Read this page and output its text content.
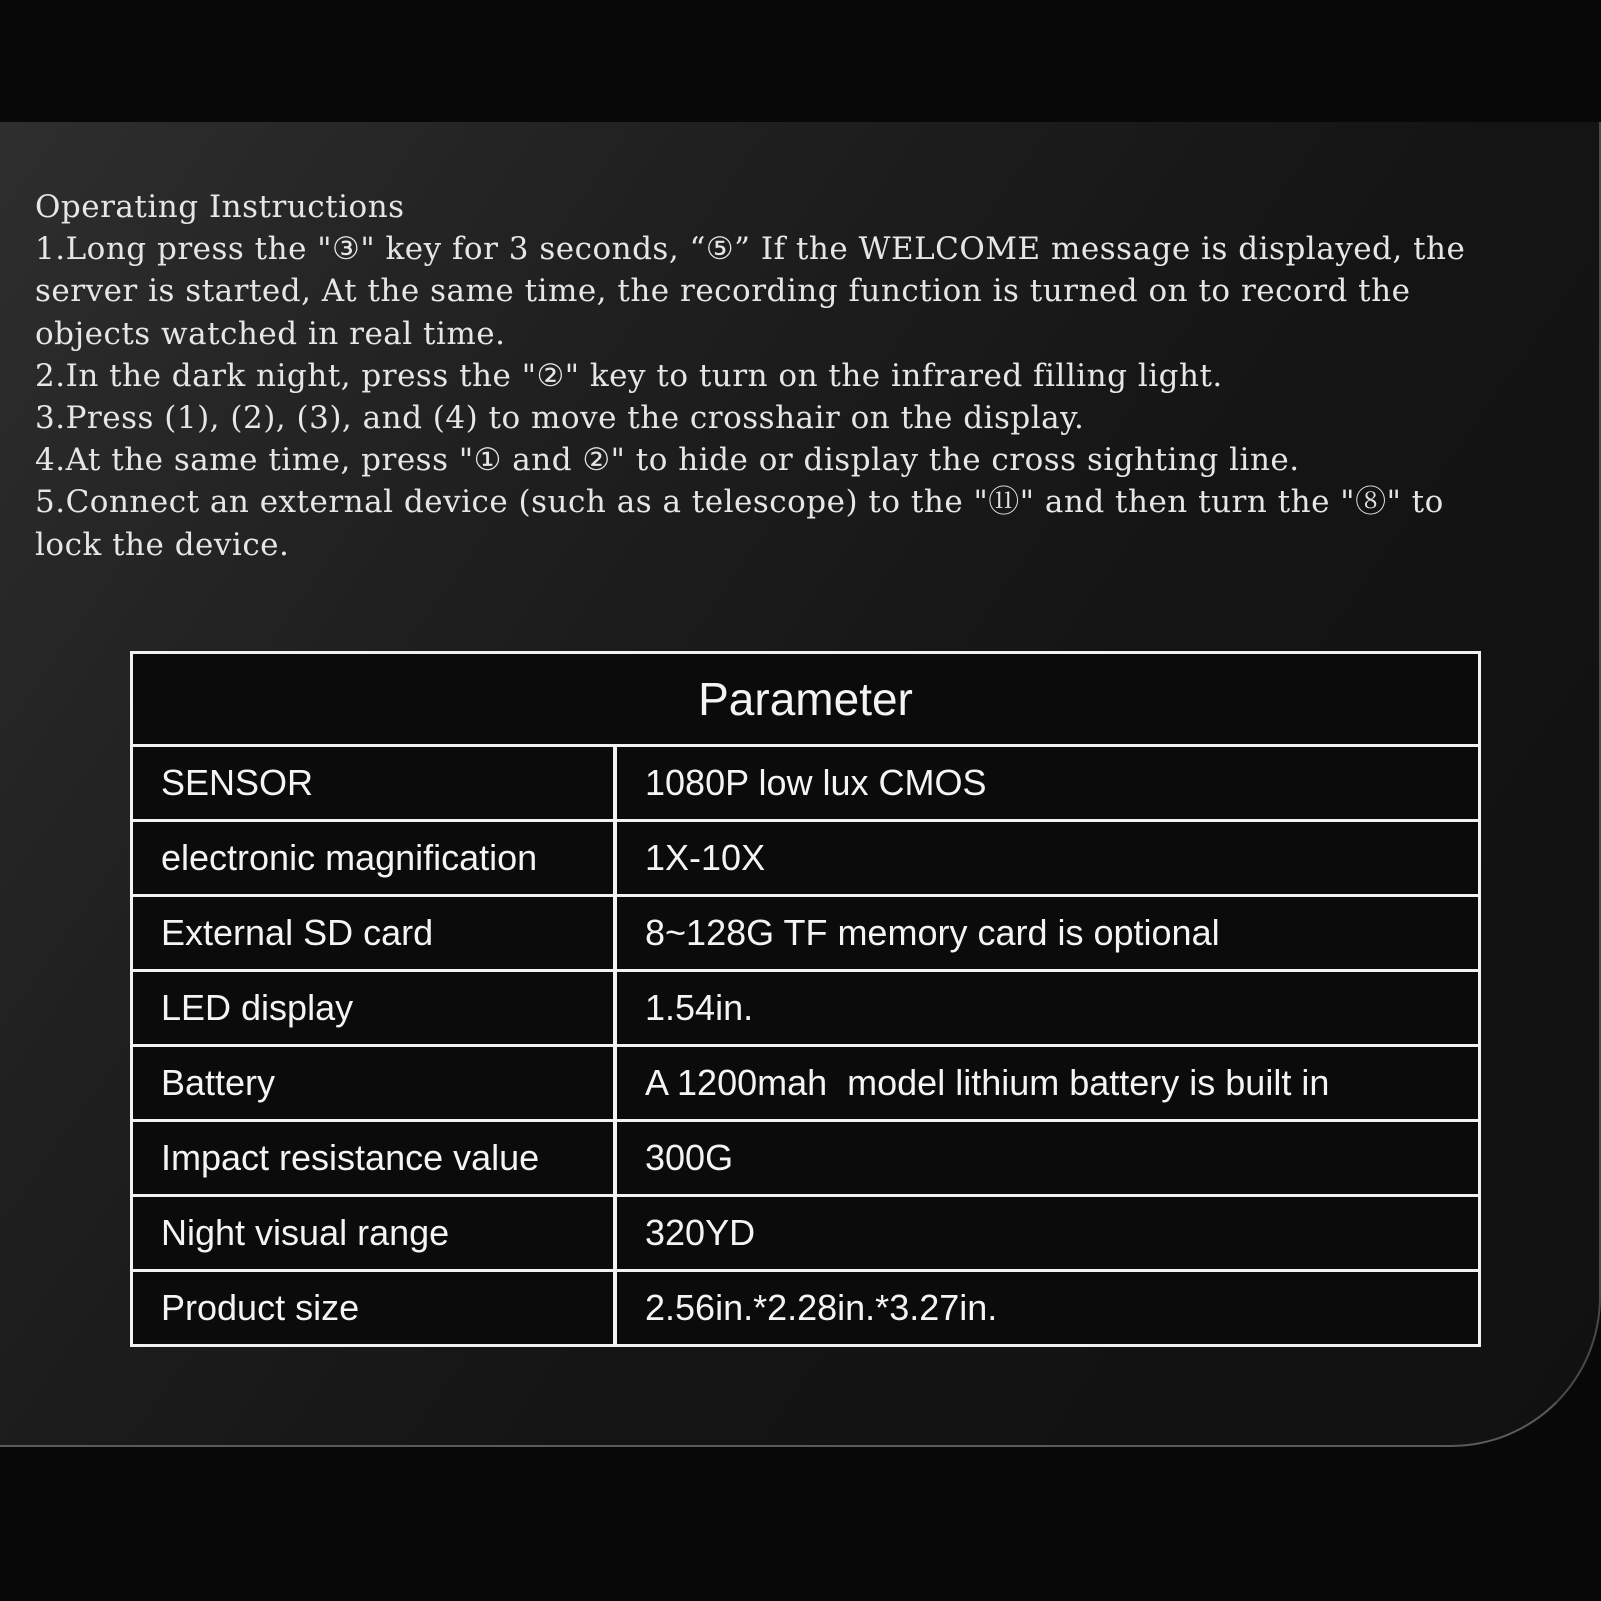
Operating Instructions
1.Long press the "③" key for 3 seconds, “⑤” If the WELCOME message is displayed, the
server is started, At the same time, the recording function is turned on to record the
objects watched in real time.
2.In the dark night, press the "②" key to turn on the infrared filling light.
3.Press (1), (2), (3), and (4) to move the crosshair on the display.
4.At the same time, press "① and ②" to hide or display the cross sighting line.
5.Connect an external device (such as a telescope) to the "⑪" and then turn the "⑧" to
lock the device.
Parameter
SENSOR	1080P low lux CMOS
electronic magnification	1X-10X
External SD card	8~128G TF memory card is optional
LED display	1.54in.
Battery	A 1200mah  model lithium battery is built in
Impact resistance value	300G
Night visual range	320YD
Product size	2.56in.*2.28in.*3.27in.
